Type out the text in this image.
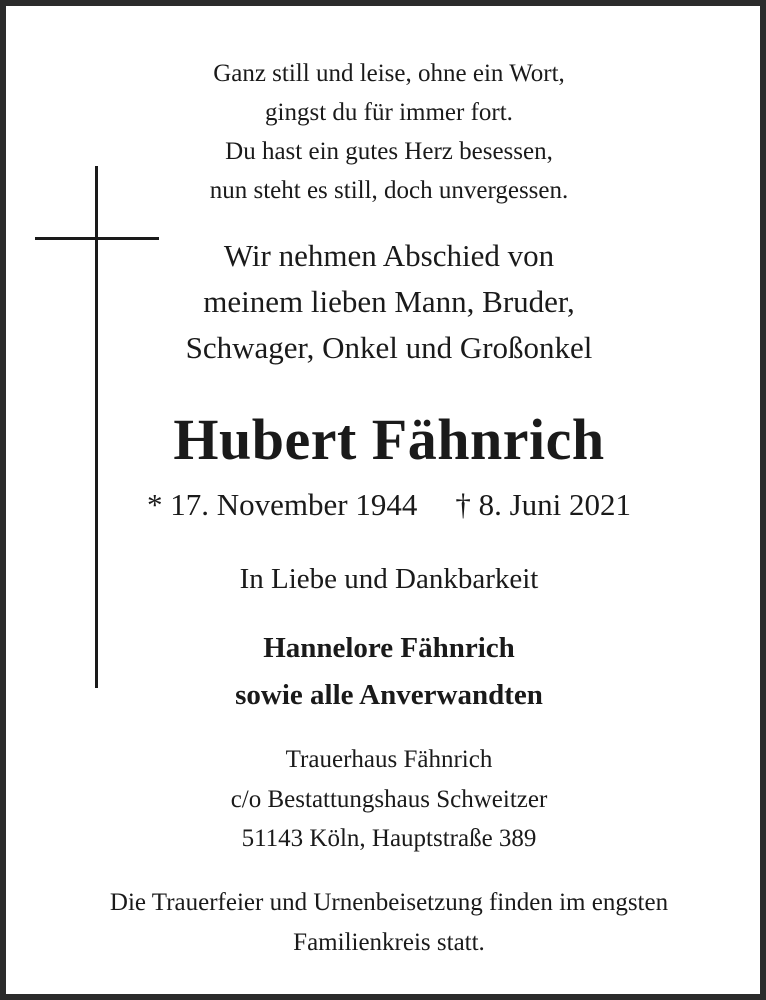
Ganz still und leise, ohne ein Wort,
gingst du für immer fort.
Du hast ein gutes Herz besessen,
nun steht es still, doch unvergessen.
Wir nehmen Abschied von
meinem lieben Mann, Bruder,
Schwager, Onkel und Großonkel
Hubert Fähnrich
* 17. November 1944 † 8. Juni 2021
In Liebe und Dankbarkeit
Hannelore Fähnrich
sowie alle Anverwandten
Trauerhaus Fähnrich
c/o Bestattungshaus Schweitzer
51143 Köln, Hauptstraße 389
Die Trauerfeier und Urnenbeisetzung finden im engsten
Familienkreis statt.
